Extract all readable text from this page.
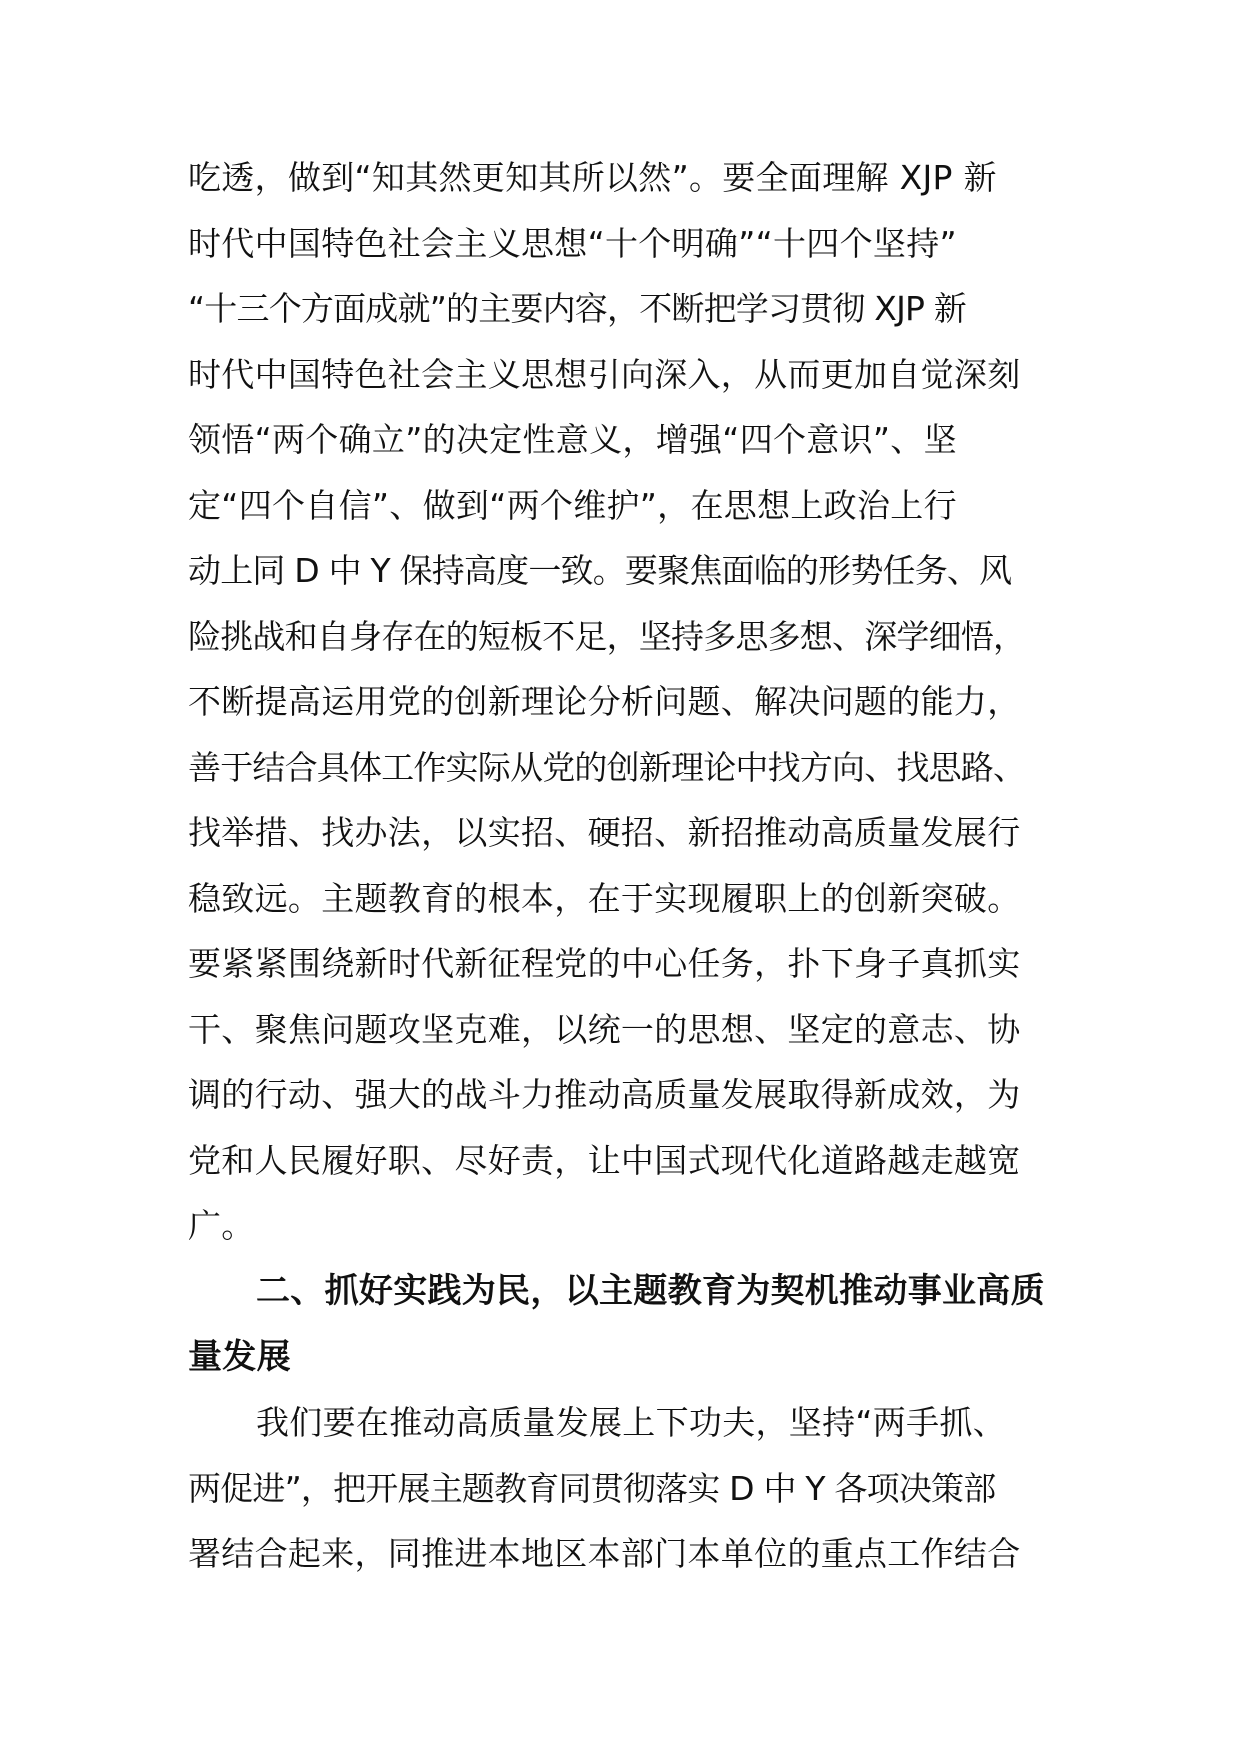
吃透，做到“知其然更知其所以然”。要全面理解 XJP 新
时代中国特色社会主义思想“十个明确”“十四个坚持”
“十三个方面成就”的主要内容，不断把学习贯彻 XJP 新
时代中国特色社会主义思想引向深入，从而更加自觉深刻
领悟“两个确立”的决定性意义，增强“四个意识”、坚
定“四个自信”、做到“两个维护”，在思想上政治上行
动上同 D 中 Y 保持高度一致。要聚焦面临的形势任务、风
险挑战和自身存在的短板不足，坚持多思多想、深学细悟，
不断提高运用党的创新理论分析问题、解决问题的能力，
善于结合具体工作实际从党的创新理论中找方向、找思路、
找举措、找办法，以实招、硬招、新招推动高质量发展行
稳致远。主题教育的根本，在于实现履职上的创新突破。
要紧紧围绕新时代新征程党的中心任务，扑下身子真抓实
干、聚焦问题攻坚克难，以统一的思想、坚定的意志、协
调的行动、强大的战斗力推动高质量发展取得新成效，为
党和人民履好职、尽好责，让中国式现代化道路越走越宽
广。
二、抓好实践为民，以主题教育为契机推动事业高质
量发展
我们要在推动高质量发展上下功夫，坚持“两手抓、
两促进”，把开展主题教育同贯彻落实 D 中 Y 各项决策部
署结合起来，同推进本地区本部门本单位的重点工作结合
